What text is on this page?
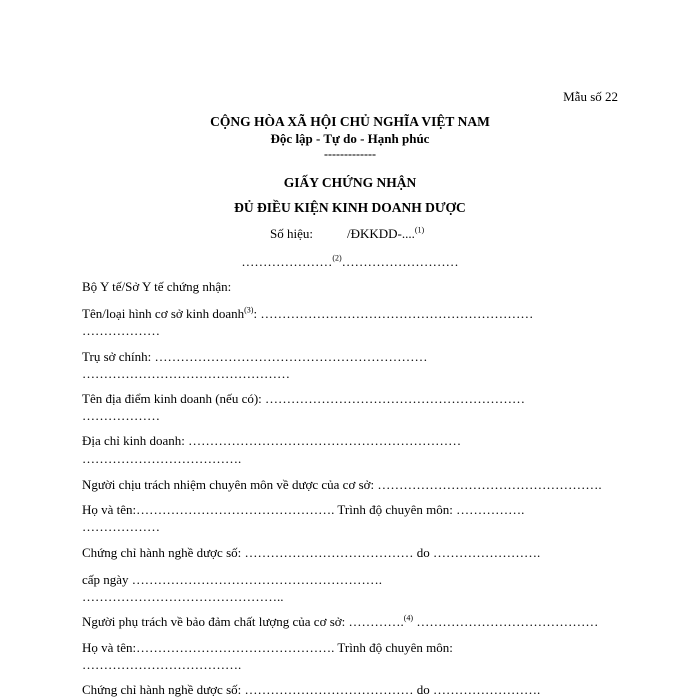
Mẫu số 22
CỘNG HÒA XÃ HỘI CHỦ NGHĨA VIỆT NAM
Độc lập - Tự do - Hạnh phúc
-------------
GIẤY CHỨNG NHẬN
ĐỦ ĐIỀU KIỆN KINH DOANH DƯỢC
Số hiệu:	/ĐKKDD-....$^{(1)}$
…………………$^{(2)}$………………………
Bộ Y tế/Sở Y tế chứng nhận:
Tên/loại hình cơ sở kinh doanh$^{(3)}$: ………………………………………………………
………………
Trụ sở chính: ………………………………………………………
…………………………………………
Tên địa điểm kinh doanh (nếu có): ……………………………………………………
………………
Địa chỉ kinh doanh: ………………………………………………………
……………………………….
Người chịu trách nhiệm chuyên môn về dược của cơ sở: …………………………………………….
Họ và tên:………………………………………. Trình độ chuyên môn: …………….
………………
Chứng chỉ hành nghề dược số: ………………………………… do …………………….
cấp ngày ………………………………………………….
………………………………………..
Người phụ trách về bảo đảm chất lượng của cơ sở: ………….$^{(4)}$ ……………………………………
Họ và tên:………………………………………. Trình độ chuyên môn:
……………………………….
Chứng chỉ hành nghề dược số: ………………………………… do …………………….
